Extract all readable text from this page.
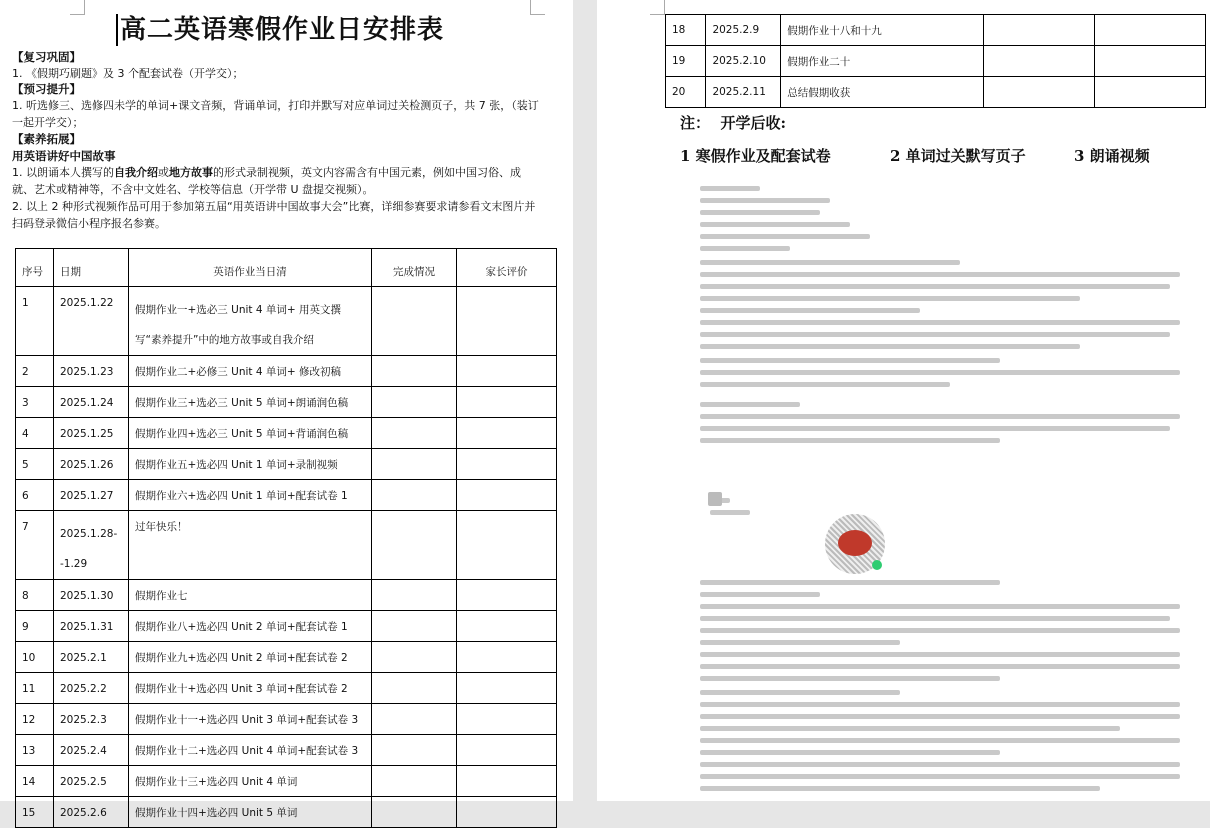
高二英语寒假作业日安排表
【复习巩固】
1. 《假期巧刷题》及 3 个配套试卷（开学交）；
【预习提升】
1. 听选修三、选修四未学的单词+课文音频，背诵单词，打印并默写对应单词过关检测页子，共 7 张，（装订一起开学交）；
【素养拓展】
用英语讲好中国故事
1. 以朗诵本人撰写的自我介绍或地方故事的形式录制视频，英文内容需含有中国元素，例如中国习俗、成就、艺术或精神等，不含中文姓名、学校等信息（开学带 U 盘提交视频）。
2. 以上 2 种形式视频作品可用于参加第五届“用英语讲中国故事大会”比赛，详细参赛要求请参看文末图片并扫码登录微信小程序报名参赛。
序号	日期	英语作业当日清	完成情况	家长评价
1	2025.1.22	假期作业一+选必三 Unit 4 单词+ 用英文撰写“素养提升”中的地方故事或自我介绍		
2	2025.1.23	假期作业二+必修三 Unit 4 单词+ 修改初稿		
3	2025.1.24	假期作业三+选必三 Unit 5 单词+朗诵润色稿		
4	2025.1.25	假期作业四+选必三 Unit 5 单词+背诵润色稿		
5	2025.1.26	假期作业五+选必四 Unit 1 单词+录制视频		
6	2025.1.27	假期作业六+选必四 Unit 1 单词+配套试卷 1		
7	2025.1.28--1.29	过年快乐！		
8	2025.1.30	假期作业七		
9	2025.1.31	假期作业八+选必四 Unit 2 单词+配套试卷 1		
10	2025.2.1	假期作业九+选必四 Unit 2 单词+配套试卷 2		
11	2025.2.2	假期作业十+选必四 Unit 3 单词+配套试卷 2		
12	2025.2.3	假期作业十一+选必四 Unit 3 单词+配套试卷 3		
13	2025.2.4	假期作业十二+选必四 Unit 4 单词+配套试卷 3		
14	2025.2.5	假期作业十三+选必四 Unit 4 单词		
15	2025.2.6	假期作业十四+选必四 Unit 5 单词		
18	2025.2.9	假期作业十八和十九		
19	2025.2.10	假期作业二十		
20	2025.2.11	总结假期收获		
注： 开学后收:
1 寒假作业及配套试卷	2 单词过关默写页子	3 朗诵视频
